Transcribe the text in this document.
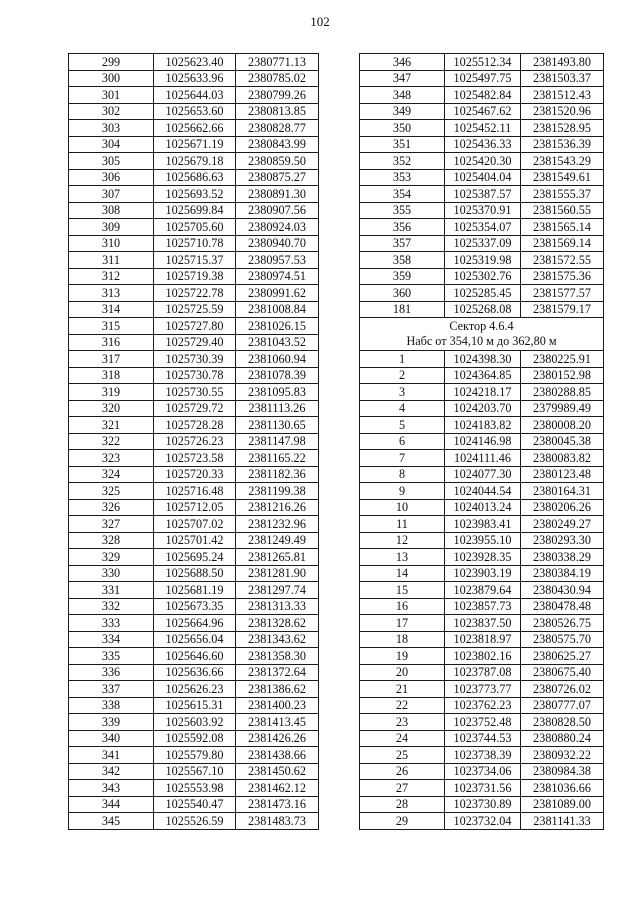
102
299	1025623.40	2380771.13
300	1025633.96	2380785.02
301	1025644.03	2380799.26
302	1025653.60	2380813.85
303	1025662.66	2380828.77
304	1025671.19	2380843.99
305	1025679.18	2380859.50
306	1025686.63	2380875.27
307	1025693.52	2380891.30
308	1025699.84	2380907.56
309	1025705.60	2380924.03
310	1025710.78	2380940.70
311	1025715.37	2380957.53
312	1025719.38	2380974.51
313	1025722.78	2380991.62
314	1025725.59	2381008.84
315	1025727.80	2381026.15
316	1025729.40	2381043.52
317	1025730.39	2381060.94
318	1025730.78	2381078.39
319	1025730.55	2381095.83
320	1025729.72	2381113.26
321	1025728.28	2381130.65
322	1025726.23	2381147.98
323	1025723.58	2381165.22
324	1025720.33	2381182.36
325	1025716.48	2381199.38
326	1025712.05	2381216.26
327	1025707.02	2381232.96
328	1025701.42	2381249.49
329	1025695.24	2381265.81
330	1025688.50	2381281.90
331	1025681.19	2381297.74
332	1025673.35	2381313.33
333	1025664.96	2381328.62
334	1025656.04	2381343.62
335	1025646.60	2381358.30
336	1025636.66	2381372.64
337	1025626.23	2381386.62
338	1025615.31	2381400.23
339	1025603.92	2381413.45
340	1025592.08	2381426.26
341	1025579.80	2381438.66
342	1025567.10	2381450.62
343	1025553.98	2381462.12
344	1025540.47	2381473.16
345	1025526.59	2381483.73
346	1025512.34	2381493.80
347	1025497.75	2381503.37
348	1025482.84	2381512.43
349	1025467.62	2381520.96
350	1025452.11	2381528.95
351	1025436.33	2381536.39
352	1025420.30	2381543.29
353	1025404.04	2381549.61
354	1025387.57	2381555.37
355	1025370.91	2381560.55
356	1025354.07	2381565.14
357	1025337.09	2381569.14
358	1025319.98	2381572.55
359	1025302.76	2381575.36
360	1025285.45	2381577.57
181	1025268.08	2381579.17

Сектор 4.6.4
Набс от 354,10 м до 362,80 м		

1	1024398.30	2380225.91
2	1024364.85	2380152.98
3	1024218.17	2380288.85
4	1024203.70	2379989.49
5	1024183.82	2380008.20
6	1024146.98	2380045.38
7	1024111.46	2380083.82
8	1024077.30	2380123.48
9	1024044.54	2380164.31
10	1024013.24	2380206.26
11	1023983.41	2380249.27
12	1023955.10	2380293.30
13	1023928.35	2380338.29
14	1023903.19	2380384.19
15	1023879.64	2380430.94
16	1023857.73	2380478.48
17	1023837.50	2380526.75
18	1023818.97	2380575.70
19	1023802.16	2380625.27
20	1023787.08	2380675.40
21	1023773.77	2380726.02
22	1023762.23	2380777.07
23	1023752.48	2380828.50
24	1023744.53	2380880.24
25	1023738.39	2380932.22
26	1023734.06	2380984.38
27	1023731.56	2381036.66
28	1023730.89	2381089.00
29	1023732.04	2381141.33
